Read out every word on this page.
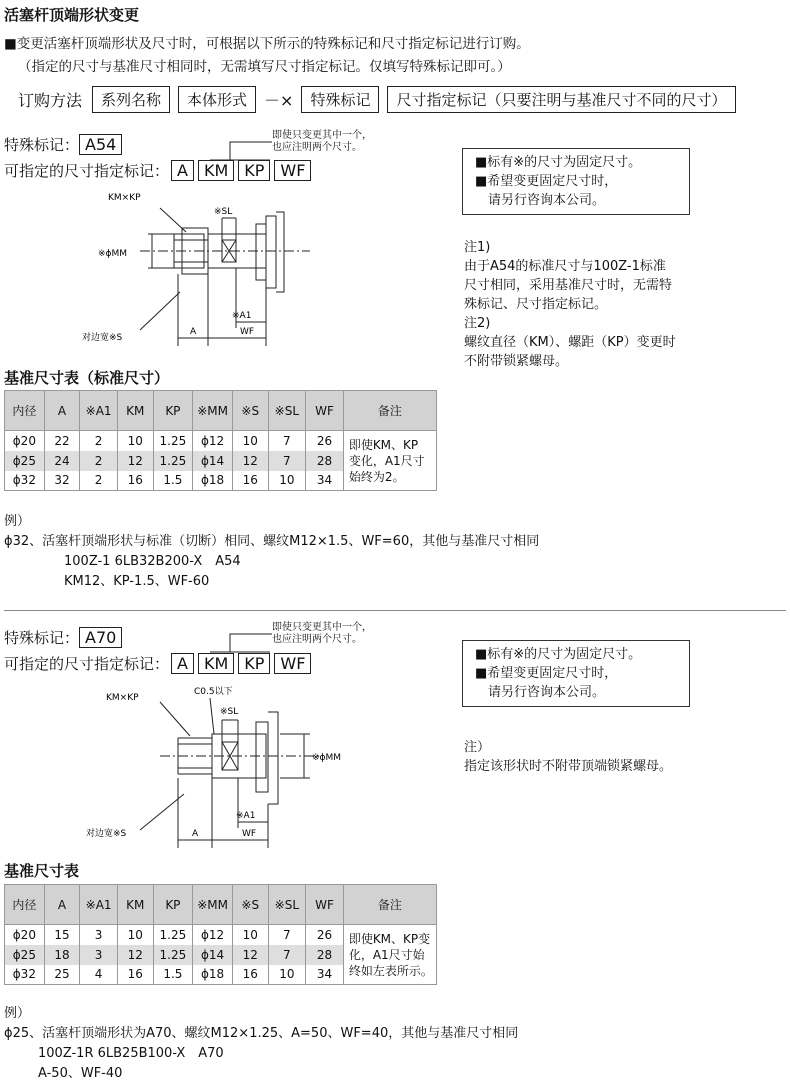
活塞杆顶端形状变更
■变更活塞杆顶端形状及尺寸时，可根据以下所示的特殊标记和尺寸指定标记进行订购。
（指定的尺寸与基准尺寸相同时，无需填写尺寸指定标记。仅填写特殊标记即可。）
订购方法	系列名称	本体形式	－×	特殊标记	尺寸指定标记（只要注明与基准尺寸不同的尺寸）
特殊标记： A54	即使只变更其中一个，
也应注明两个尺寸。
可指定的尺寸指定标记： A	KM	KP	WF	■标有※的尺寸为固定尺寸。
■希望变更固定尺寸时，
请另行咨询本公司。
注1)
由于A54的标准尺寸与100Z-1标准
尺寸相同，采用基准尺寸时，无需特
殊标记、尺寸指定标记。
注2)
螺纹直径（KM）、螺距（KP）变更时
不附带锁紧螺母。
KM×KP
※SL
※ϕMM
※A1
对边宽※S
A	WF
基准尺寸表（标准尺寸）
内径	A	※A1	KM	KP	※MM	※S	※SL	WF	备注
ϕ20	22	2	10	1.25	ϕ12	10	7	26	即使KM、KP
变化，A1尺寸
始终为2。

ϕ25	24	2	12	1.25	ϕ14	12	7	28	
ϕ32	32	2	16	1.5	ϕ18	16	10	34	
例）
ϕ32、活塞杆顶端形状与标准（切断）相同、螺纹M12×1.5、WF=60，其他与基准尺寸相同
100Z-1 6LB32B200-X　A54
KM12、KP-1.5、WF-60
特殊标记： A70
即使只变更其中一个，
也应注明两个尺寸。
可指定的尺寸指定标记： A	KM	KP	WF	■标有※的尺寸为固定尺寸。
■希望变更固定尺寸时，
请另行咨询本公司。
注）
指定该形状时不附带顶端锁紧螺母。
KM×KP
C0.5以下
※SL
※ϕMM
※A1
对边宽※S	A	WF
基准尺寸表
内径	A	※A1	KM	KP	※MM	※S	※SL	WF	备注
ϕ20	15	3	10	1.25	ϕ12	10	7	26	即使KM、KP变
化，A1尺寸始
终如左表所示。

ϕ25	18	3	12	1.25	ϕ14	12	7	28	
ϕ32	25	4	16	1.5	ϕ18	16	10	34	
例）
ϕ25、活塞杆顶端形状为A70、螺纹M12×1.25、A=50、WF=40，其他与基准尺寸相同
100Z-1R 6LB25B100-X　A70
A-50、WF-40
